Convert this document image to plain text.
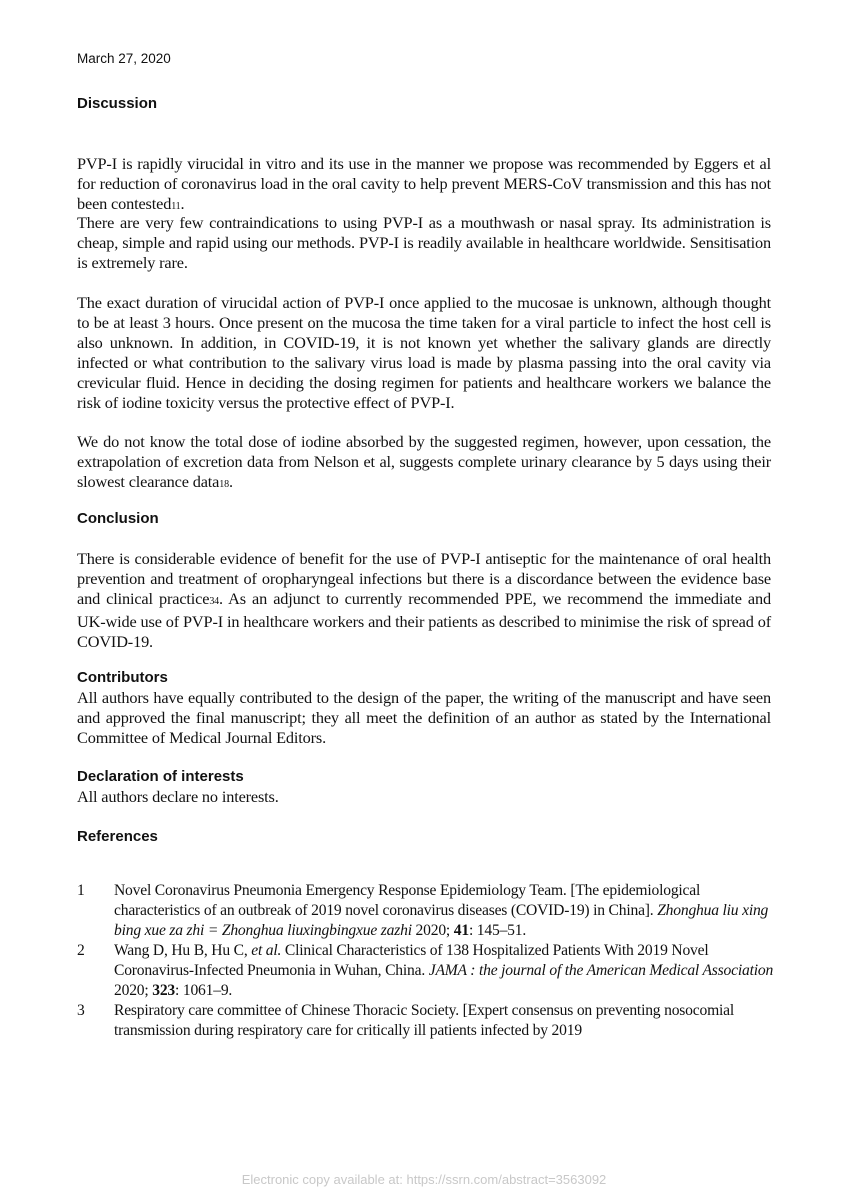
March 27, 2020
Discussion
PVP-I is rapidly virucidal in vitro and its use in the manner we propose was recommended by Eggers et al for reduction of coronavirus load in the oral cavity to help prevent MERS-CoV transmission and this has not been contested11.
There are very few contraindications to using PVP-I as a mouthwash or nasal spray. Its administration is cheap, simple and rapid using our methods. PVP-I is readily available in healthcare worldwide. Sensitisation is extremely rare.
The exact duration of virucidal action of PVP-I once applied to the mucosae is unknown, although thought to be at least 3 hours. Once present on the mucosa the time taken for a viral particle to infect the host cell is also unknown. In addition, in COVID-19, it is not known yet whether the salivary glands are directly infected or what contribution to the salivary virus load is made by plasma passing into the oral cavity via crevicular fluid. Hence in deciding the dosing regimen for patients and healthcare workers we balance the risk of iodine toxicity versus the protective effect of PVP-I.
We do not know the total dose of iodine absorbed by the suggested regimen, however, upon cessation, the extrapolation of excretion data from Nelson et al, suggests complete urinary clearance by 5 days using their slowest clearance data18.
Conclusion
There is considerable evidence of benefit for the use of PVP-I antiseptic for the maintenance of oral health prevention and treatment of oropharyngeal infections but there is a discordance between the evidence base and clinical practice34. As an adjunct to currently recommended PPE, we recommend the immediate and UK-wide use of PVP-I in healthcare workers and their patients as described to minimise the risk of spread of COVID-19.
Contributors
All authors have equally contributed to the design of the paper, the writing of the manuscript and have seen and approved the final manuscript; they all meet the definition of an author as stated by the International Committee of Medical Journal Editors.
Declaration of interests
All authors declare no interests.
References
1	Novel Coronavirus Pneumonia Emergency Response Epidemiology Team. [The epidemiological characteristics of an outbreak of 2019 novel coronavirus diseases (COVID-19) in China]. Zhonghua liu xing bing xue za zhi = Zhonghua liuxingbingxue zazhi 2020; 41: 145–51.
2	Wang D, Hu B, Hu C, et al. Clinical Characteristics of 138 Hospitalized Patients With 2019 Novel Coronavirus-Infected Pneumonia in Wuhan, China. JAMA : the journal of the American Medical Association 2020; 323: 1061–9.
3	Respiratory care committee of Chinese Thoracic Society. [Expert consensus on preventing nosocomial transmission during respiratory care for critically ill patients infected by 2019
Electronic copy available at: https://ssrn.com/abstract=3563092
